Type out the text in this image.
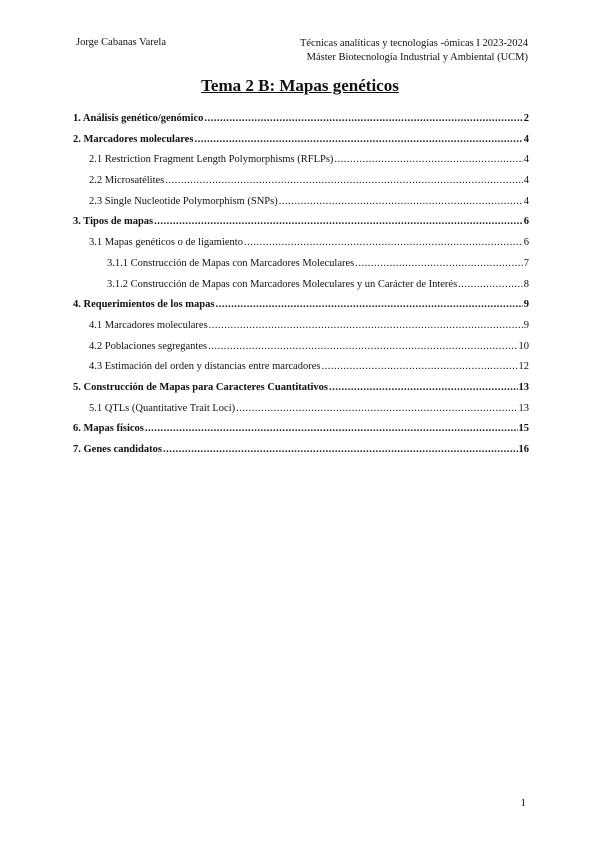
Jorge Cabanas Varela	Técnicas analíticas y tecnologías -ómicas I 2023-2024
Máster Biotecnología Industrial y Ambiental (UCM)
Tema 2 B: Mapas genéticos
1. Análisis genético/genómico .....	2
2. Marcadores moleculares .....	4
2.1 Restriction Fragment Length Polymorphisms (RFLPs) .....	4
2.2 Microsatélites .....	4
2.3 Single Nucleotide Polymorphism (SNPs) .....	4
3. Tipos de mapas .....	6
3.1 Mapas genéticos o de ligamiento .....	6
3.1.1 Construcción de Mapas con Marcadores Moleculares .....	7
3.1.2 Construcción de Mapas con Marcadores Moleculares y un Carácter de Interés .....	8
4. Requerimientos de los mapas .....	9
4.1 Marcadores moleculares .....	9
4.2 Poblaciones segregantes .....	10
4.3 Estimación del orden y distancias entre marcadores .....	12
5. Construcción de Mapas para Caracteres Cuantitativos .....	13
5.1 QTLs (Quantitative Trait Loci) .....	13
6. Mapas físicos .....	15
7. Genes candidatos .....	16
1
